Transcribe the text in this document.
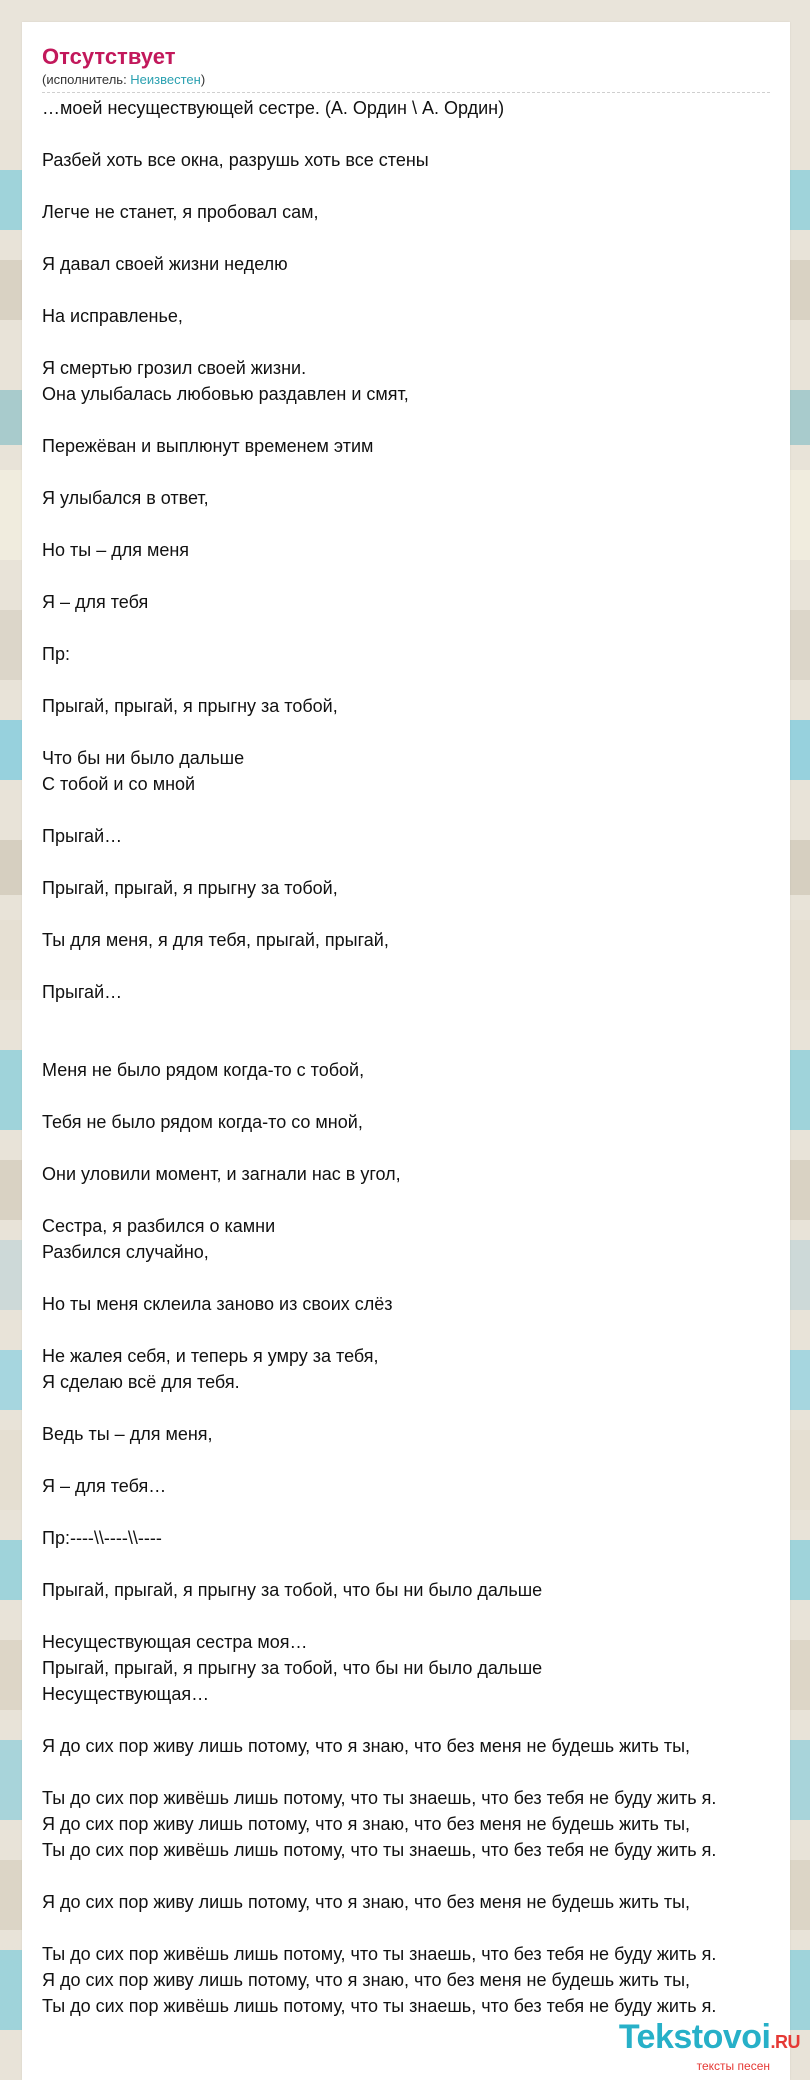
Отсутствует
(исполнитель: Неизвестен)
…моей несуществующей сестре. (А. Ордин \ А. Ордин)
Разбей хоть все окна, разрушь хоть все стены
Легче не станет, я пробовал сам,
Я давал своей жизни неделю
На исправленье,
Я смертью грозил своей жизни.
Она улыбалась любовью раздавлен и смят,
Пережёван и выплюнут временем этим
Я улыбался в ответ,
Но ты – для меня
Я – для тебя
Пр:
Прыгай, прыгай, я прыгну за тобой,
Что бы ни было дальше
С тобой и со мной
Прыгай…
Прыгай, прыгай, я прыгну за тобой,
Ты для меня, я для тебя, прыгай, прыгай,
Прыгай…
Меня не было рядом когда-то с тобой,
Тебя не было рядом когда-то со мной,
Они уловили момент, и загнали нас в угол,
Сестра, я разбился о камни
Разбился случайно,
Но ты меня склеила заново из своих слёз
Не жалея себя, и теперь я умру за тебя,
Я сделаю всё для тебя.
Ведь ты – для меня,
Я – для тебя…
Пр:----\\----\\----
Прыгай, прыгай, я прыгну за тобой, что бы ни было дальше
Несуществующая сестра моя…
Прыгай, прыгай, я прыгну за тобой, что бы ни было дальше
Несуществующая…
Я до сих пор живу лишь потому, что я знаю, что без меня не будешь жить ты,
Ты до сих пор живёшь лишь потому, что ты знаешь, что без тебя не буду жить я.
Я до сих пор живу лишь потому, что я знаю, что без меня не будешь жить ты,
Ты до сих пор живёшь лишь потому, что ты знаешь, что без тебя не буду жить я.
Я до сих пор живу лишь потому, что я знаю, что без меня не будешь жить ты,
Ты до сих пор живёшь лишь потому, что ты знаешь, что без тебя не буду жить я.
Я до сих пор живу лишь потому, что я знаю, что без меня не будешь жить ты,
Ты до сих пор живёшь лишь потому, что ты знаешь, что без тебя не буду жить я.
Tekstovoi.RU
тексты песен
